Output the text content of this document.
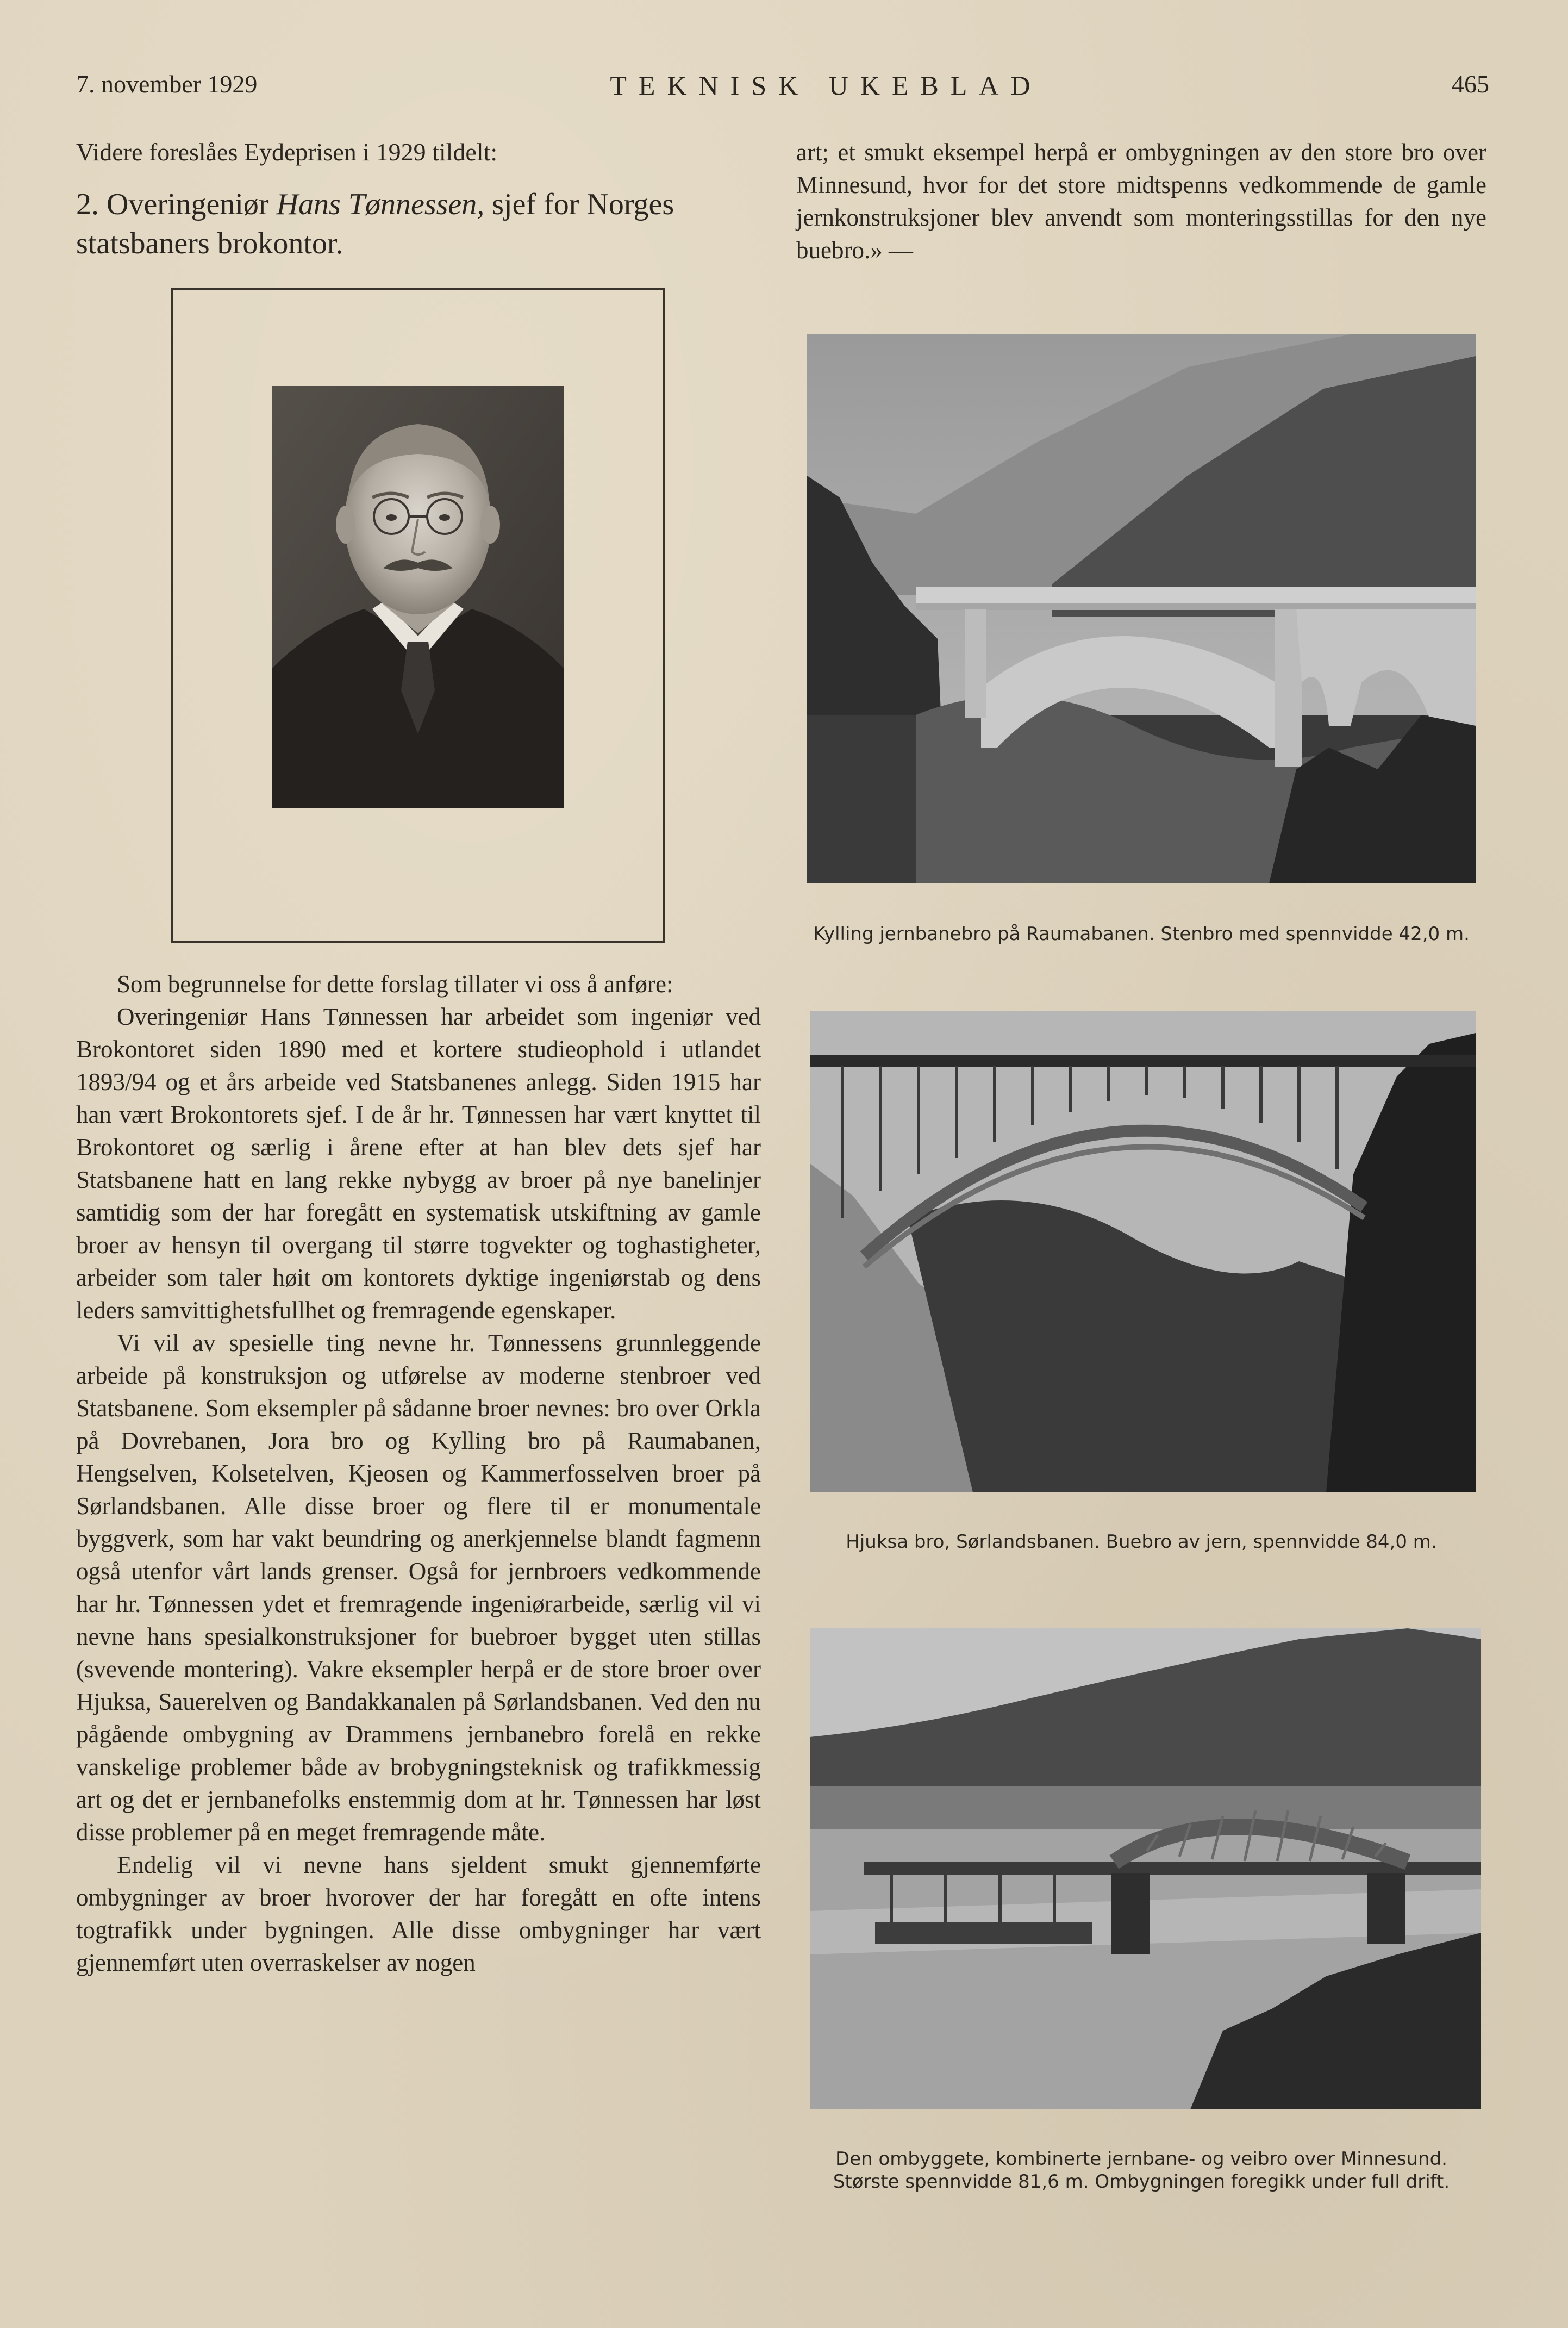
7. november 1929	TEKNISK UKEBLAD	465
Videre foreslåes Eydeprisen i 1929 tildelt:
2. Overingeniør Hans Tønnessen, sjef for Norges statsbaners brokontor.

Som begrunnelse for dette forslag tillater vi oss å anføre:

Overingeniør Hans Tønnessen har arbeidet som ingeniør ved Brokontoret siden 1890 med et kortere studieophold i utlandet 1893/94 og et års arbeide ved Statsbanenes anlegg. Siden 1915 har han vært Brokontorets sjef. I de år hr. Tønnessen har vært knyttet til Brokontoret og særlig i årene efter at han blev dets sjef har Statsbanene hatt en lang rekke nybygg av broer på nye banelinjer samtidig som der har foregått en systematisk utskiftning av gamle broer av hensyn til overgang til større togvekter og toghastigheter, arbeider som taler høit om kontorets dyktige ingeniørstab og dens leders samvittighetsfullhet og fremragende egenskaper.

Vi vil av spesielle ting nevne hr. Tønnessens grunnleggende arbeide på konstruksjon og utførelse av moderne stenbroer ved Statsbanene. Som eksempler på sådanne broer nevnes: bro over Orkla på Dovrebanen, Jora bro og Kylling bro på Raumabanen, Hengselven, Kolsetelven, Kjeosen og Kammerfosselven broer på Sørlandsbanen. Alle disse broer og flere til er monumentale byggverk, som har vakt beundring og anerkjennelse blandt fagmenn også utenfor vårt lands grenser. Også for jernbroers vedkommende har hr. Tønnessen ydet et fremragende ingeniørarbeide, særlig vil vi nevne hans spesialkonstruksjoner for buebroer bygget uten stillas (svevende montering). Vakre eksempler herpå er de store broer over Hjuksa, Sauerelven og Bandakkanalen på Sørlandsbanen. Ved den nu pågående ombygning av Drammens jernbanebro forelå en rekke vanskelige problemer både av brobygningsteknisk og trafikkmessig art og det er jernbanefolks enstemmig dom at hr. Tønnessen har løst disse problemer på en meget fremragende måte.

Endelig vil vi nevne hans sjeldent smukt gjennemførte ombygninger av broer hvorover der har foregått en ofte intens togtrafikk under bygningen. Alle disse ombygninger har vært gjennemført uten overraskelser av nogen

art; et smukt eksempel herpå er ombygningen av den store bro over Minnesund, hvor for det store midtspenns vedkommende de gamle jernkonstruksjoner blev anvendt som monteringsstillas for den nye buebro.» —

Kylling jernbanebro på Raumabanen. Stenbro med spennvidde 42,0 m.
Hjuksa bro, Sørlandsbanen. Buebro av jern, spennvidde 84,0 m.
Den ombyggete, kombinerte jernbane- og veibro over Minnesund.
Største spennvidde 81,6 m. Ombygningen foregikk under full drift.
